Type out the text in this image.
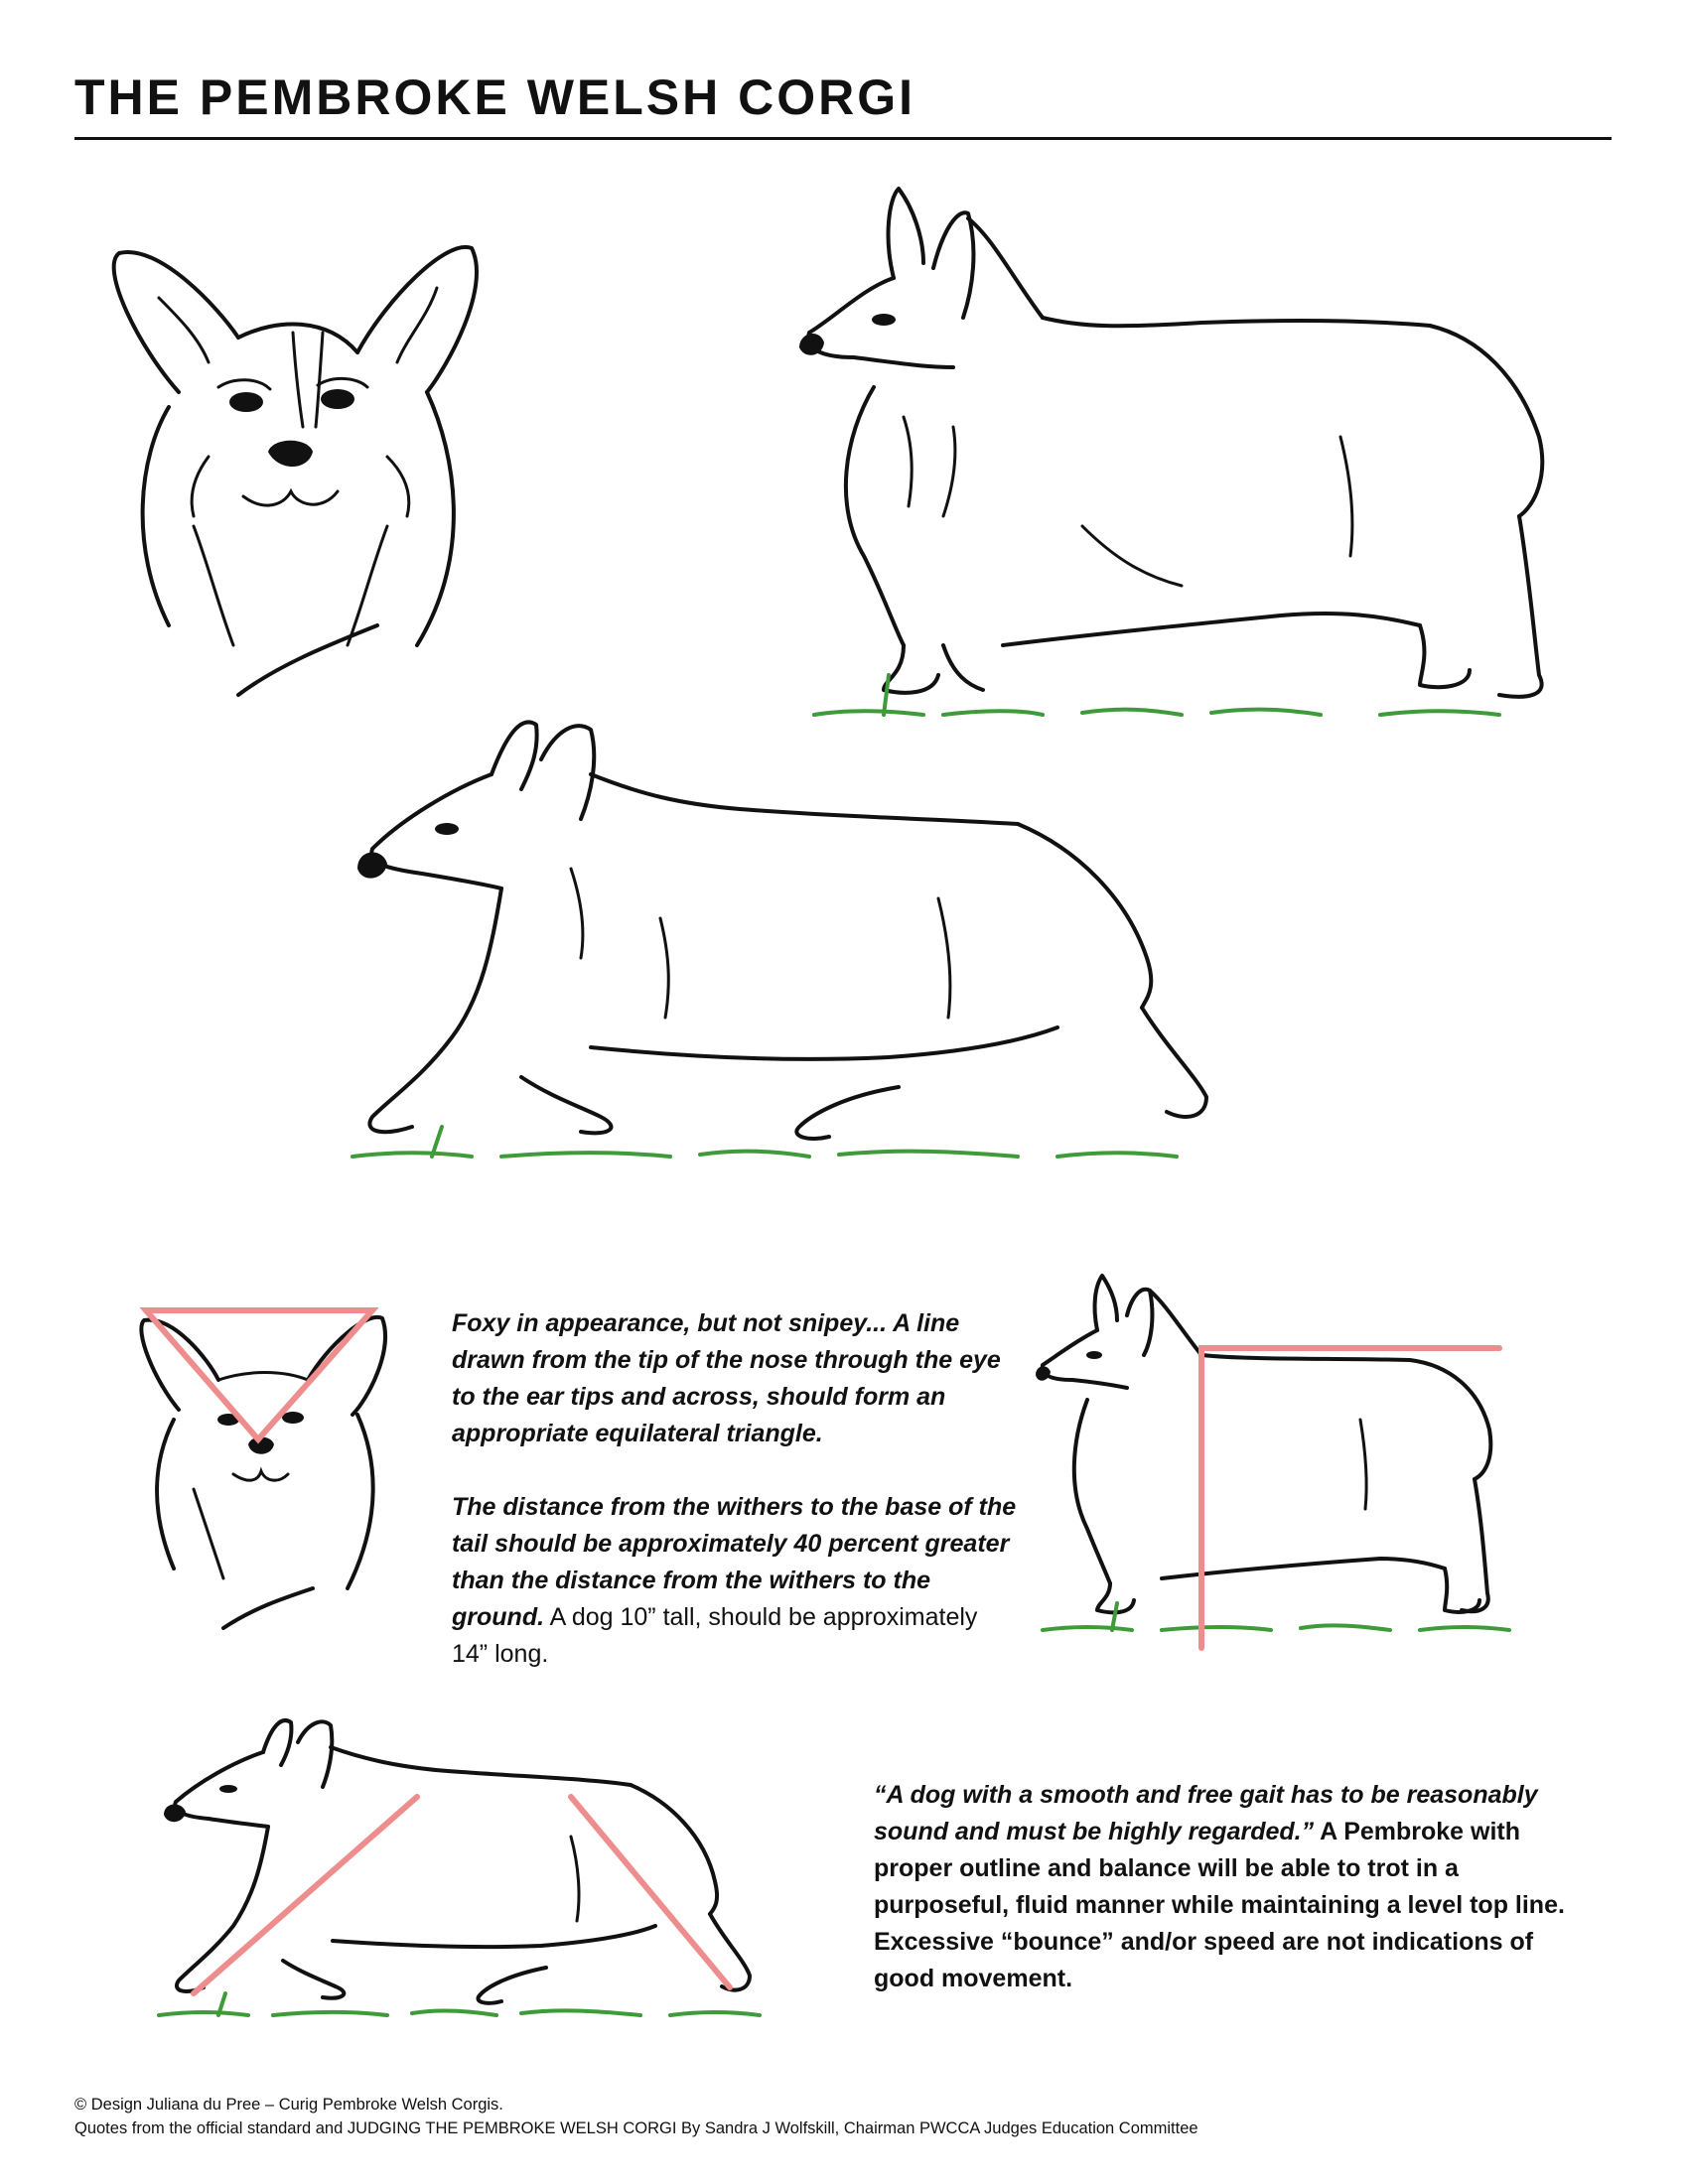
THE PEMBROKE WELSH CORGI

Foxy in appearance, but not snipey... A line drawn from the tip of the nose through the eye to the ear tips and across, should form an appropriate equilateral triangle.

The distance from the withers to the base of the tail should be approximately 40 percent greater than the distance from the withers to the ground. A dog 10” tall, should be approximately 14” long.

“A dog with a smooth and free gait has to be reasonably sound and must be highly regarded.” A Pembroke with proper outline and balance will be able to trot in a purposeful, fluid manner while maintaining a level top line. Excessive “bounce” and/or speed are not indications of good movement.

© Design Juliana du Pree – Curig Pembroke Welsh Corgis.
Quotes from the official standard and JUDGING THE PEMBROKE WELSH CORGI By Sandra J Wolfskill, Chairman PWCCA Judges Education Committee
